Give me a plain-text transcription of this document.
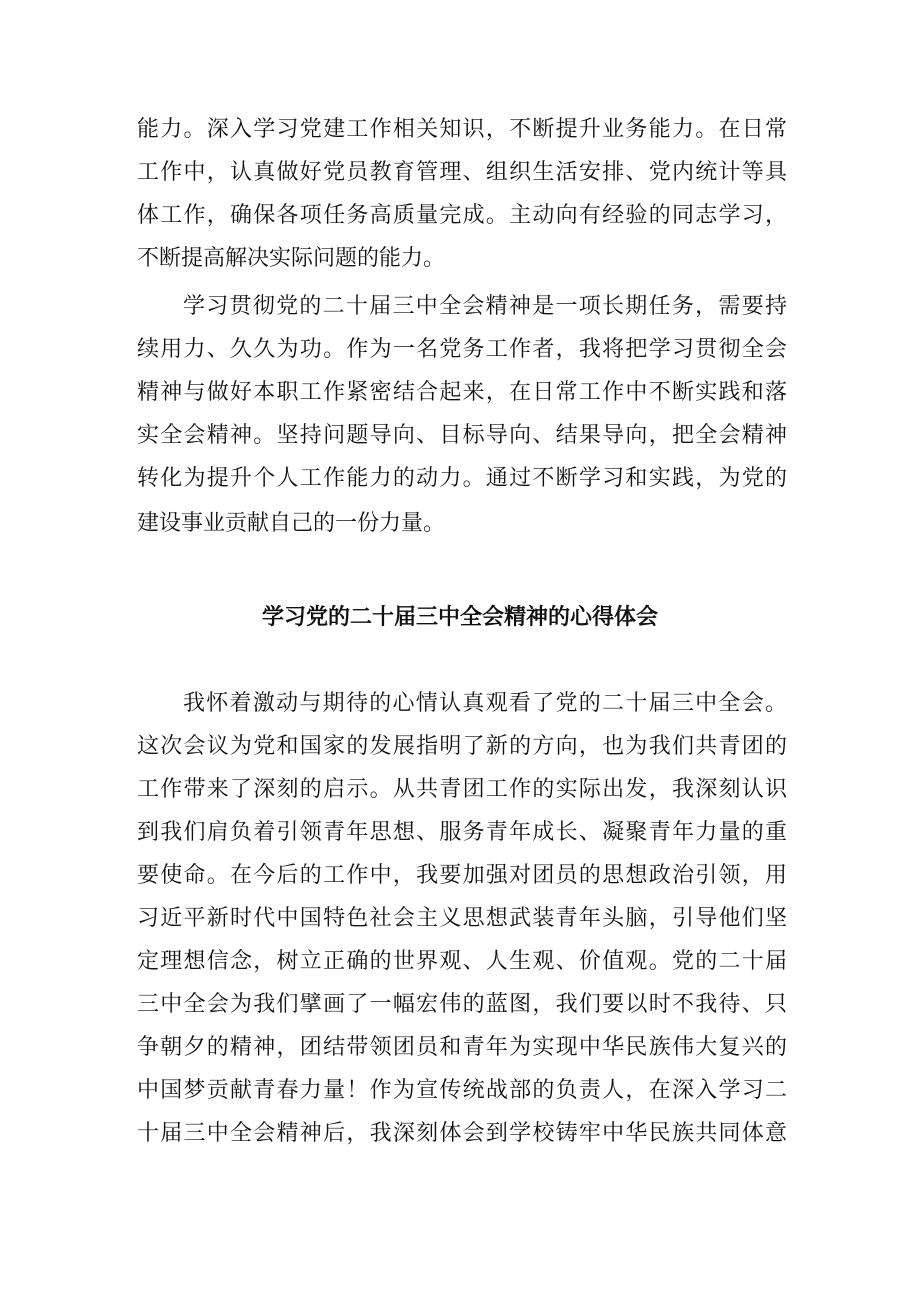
能力。深入学习党建工作相关知识，不断提升业务能力。在日常
工作中，认真做好党员教育管理、组织生活安排、党内统计等具
体工作，确保各项任务高质量完成。主动向有经验的同志学习，
不断提高解决实际问题的能力。
学习贯彻党的二十届三中全会精神是一项长期任务，需要持
续用力、久久为功。作为一名党务工作者，我将把学习贯彻全会
精神与做好本职工作紧密结合起来，在日常工作中不断实践和落
实全会精神。坚持问题导向、目标导向、结果导向，把全会精神
转化为提升个人工作能力的动力。通过不断学习和实践，为党的
建设事业贡献自己的一份力量。
学习党的二十届三中全会精神的心得体会
我怀着激动与期待的心情认真观看了党的二十届三中全会。
这次会议为党和国家的发展指明了新的方向，也为我们共青团的
工作带来了深刻的启示。从共青团工作的实际出发，我深刻认识
到我们肩负着引领青年思想、服务青年成长、凝聚青年力量的重
要使命。在今后的工作中，我要加强对团员的思想政治引领，用
习近平新时代中国特色社会主义思想武装青年头脑，引导他们坚
定理想信念，树立正确的世界观、人生观、价值观。党的二十届
三中全会为我们擘画了一幅宏伟的蓝图，我们要以时不我待、只
争朝夕的精神，团结带领团员和青年为实现中华民族伟大复兴的
中国梦贡献青春力量！作为宣传统战部的负责人，在深入学习二
十届三中全会精神后，我深刻体会到学校铸牢中华民族共同体意
